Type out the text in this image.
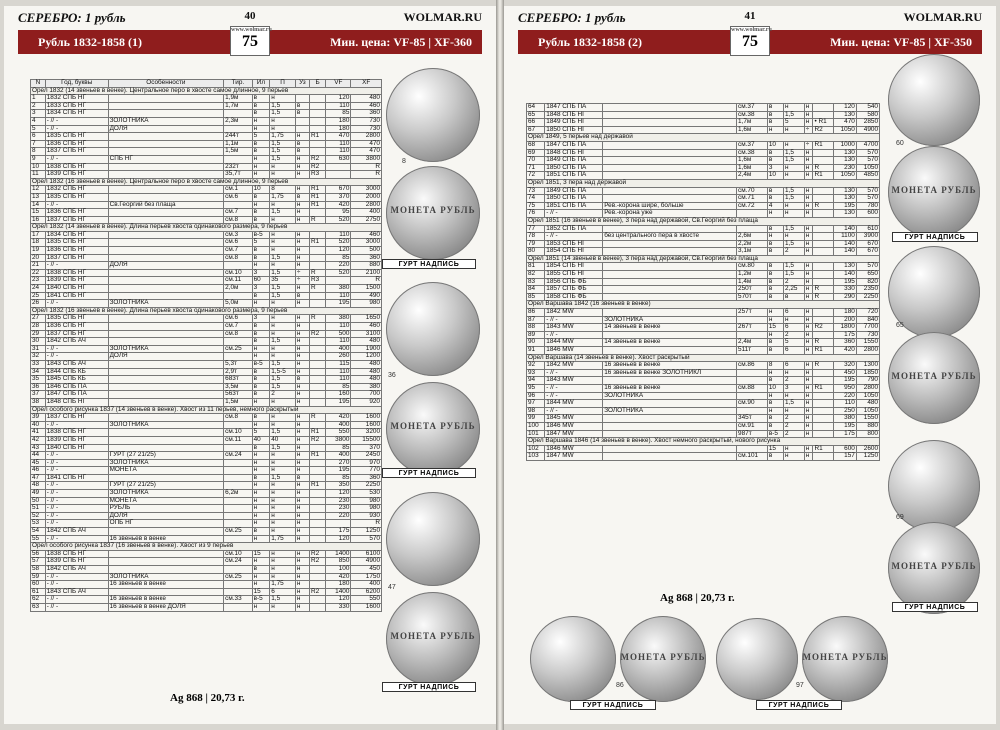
СЕРЕБРО: 1 рубль	40	WOLMAR.RU
Рубль 1832-1858 (1)
www.wolmar.ru
75	Мин. цена: VF-85 | XF-360
N	Год, буквы	Особенности	Тир.	Ил	П	Уз	Б	VF	XF
Орел 1832 (14 звеньев в венке). Центральное перо в хвосте самое длинное, 9 перьев									
1	1832 СПБ НГ		1,9м	в	н			120	480
2	1833 СПБ НГ		1,7м	в	1,5	в		110	460
3	1834 СПБ НГ			в	1,5	в		85	360
4	- // -	ЗОЛОТНИКА	2,3м	н	н			180	730
5	- // -	ДОЛЯ		н	н			180	730
6	1835 СПБ НГ		244т	5	1,75	н	R1	470	2800
7	1836 СПБ НГ		1,1м	в	1,5	в		110	470
8	1837 СПБ НГ		1,5м	в	1,5	в		110	470
9	- // -	СПБ НГ		н	1,5	н	R2	630	3800
10	1838 СПБ НГ		232т	н	н	н	R2		R
11	1839 СПБ НГ		35,7т	н	н	н	R3		R
Орел 1832 (16 звеньев в венке). Центральное перо в хвосте самое длинное, 9 перьев									
12	1832 СПБ НГ		см.1	10	8	н	R1	670	3000
13	1835 СПБ НГ		см.6	в	1,75	в	R1	370	2000
14	- // -	Св.Георгий без плаща		н	н	н	R1	420	2800
15	1836 СПБ НГ		см.7	в	1,5	н		95	400
16	1837 СПБ НГ		см.8	в	н	н	R	520	2750
Орел 1832 (14 звеньев в венке). Длина перьев хвоста одинакового размера, 9 перьев									
17	1834 СПБ НГ		см.3	в-5	н	н		110	460
18	1835 СПБ НГ		см.6	5	н	н	R1	520	3000
19	1836 СПБ НГ		см.7	в	н	н		120	500
20	1837 СПБ НГ		см.8	в	1,5	н		85	360
21	- // -	ДОЛЯ		н	н	н		220	880
22	1838 СПБ НГ		см.10	3	1,5	÷	R	520	2100
23	1839 СПБ НГ		см.11	60	35	÷	R3		R
24	1840 СПБ НГ		2,0м	3	1,5	н	R	380	1500
25	1841 СПБ НГ			в	1,5	в		110	490
26	- // -	ЗОЛОТНИКА	5,0м	н	н	н		195	980
Орел 1832 (16 звеньев в венке). Длина перьев хвоста одинакового размера, 9 перьев									
27	1835 СПБ НГ		см.6	3	н	н	R	380	1650
28	1836 СПБ НГ		см.7	в	н	н		110	460
29	1837 СПБ НГ		см.8	в	н	н	R2	500	3100
30	1842 СПБ АЧ			в	1,5	н		110	480
31	- // -	ЗОЛОТНИКА	см.25	н	н	н		400	1900
32	- // -	ДОЛЯ		н	н	н		260	1200
33	1843 СПБ АЧ		5,3т	в-5	1,5	н		115	480
34	1844 СПБ КБ		2,9т	в	1,5-5	н		110	480
35	1845 СПБ КБ		683т	в	1,5	в		110	480
36	1846 СПБ ПА		3,5м	в	1,5	н		85	380
37	1847 СПБ ПА		563т	в	2	н		160	700
38	1848 СПБ НI		1,5м	н	н	н		195	920
Орел особого рисунка 1837 (14 звеньев в венке). Хвост из 11 перьев, немного раскрытый									
39	1837 СПБ НГ		см.8	в	н	н	R	420	1600
40	- // -	ЗОЛОТНИКА		н	н	н		400	1600
41	1838 СПБ НГ		см.10	5	1,5	н	R1	550	3200
42	1839 СПБ НГ		см.11	40	40	н	R2	3800	15500
43	1840 СПБ НГ			в	1,5	н		85	370
44	- // -	ГУРТ (27 21/25)	см.24	н	н	н	R1	400	2450
45	- // -	ЗОЛОТНИКА		н	н	н		270	970
46	- // -	МОНЕТА		н	н	н		195	770
47	1841 СПБ НГ			в	1,5	в		85	360
48	- // -	ГУРТ (27 21/25)		н	н	н	R1	350	2250
49	- // -	ЗОЛОТНИКА	6,2м	н	н	н		120	530
50	- // -	МОНЕТА		н	н	н		230	980
51	- // -	РУБЛЬ		н	н	н		230	980
52	- // -	ДОЛЯ		н	н	н		220	930
53	- // -	ОПБ НГ		н	н	н			R
54	1842 СПБ АЧ		см.25	в	н	н		175	1250
55	- // -	16 звеньев в венке		н	1,75	н		120	570
Орел особого рисунка 1837 (16 звеньев в венке). Хвост из 9 перьев									
56	1838 СПБ НГ		см.10	15	н	н	R2	1400	6100
57	1839 СПБ НГ		см.24	н	н	н	R2	850	4900
58	1842 СПБ АЧ			в	н	н		100	450
59	- // -	ЗОЛОТНИКА	см.25	н	н	н		420	1750
60	- // -	16 звеньев в венке		н	1,75	н		180	400
61	1843 СПБ АЧ			15	6	н	R2	1400	6200
62	- // -	16 звеньев в венке	см.33	в-5	1,5	н		120	550
63	- // -	16 звеньев в венке ДОЛЯ		н	н	н		330	1600
МОНЕТА РУБЛЬ
ГУРТ НАДПИСЬ
8
МОНЕТА РУБЛЬ
ГУРТ НАДПИСЬ
36
МОНЕТА РУБЛЬ
ГУРТ НАДПИСЬ
47
Ag 868 | 20,73 г.
СЕРЕБРО: 1 рубль	41	WOLMAR.RU
Рубль 1832-1858 (2)
www.wolmar.ru
75	Мин. цена: VF-85 | XF-350
64	1847 СПБ ПА		см.37	в	н	н		120	540
65	1848 СПБ НI		см.38	в	1,5	н		130	580
66	1849 СПБ НI		1,7м	в	5	н	• R1	470	2850
67	1850 СПБ НI		1,6м	н	н	÷	R2	1050	4900
Орел 1849, 5 перьев над державой									
68	1847 СПБ ПА		см.37	10	н	÷	R1	1000	4700
69	1848 СПБ НI		см.38	в	1,5	н		130	570
70	1849 СПБ ПА		1,6м	в	1,5	н		130	570
71	1850 СПБ ПА		1,6м	3	н	н	R	230	1050
72	1851 СПБ ПА		2,4м	10	н	н	R1	1050	4850
Орел 1851, 3 пера над державой									
73	1849 СПБ ПА		см.70	в	1,5	н		130	570
74	1850 СПБ ПА		см.71	в	1,5	н		130	570
75	1851 СПБ ПА	Рев.-корона шире, больше	см.72	4	н	н	R	195	780
76	- // -	Рев.-корона уже		н	н	н		130	600
Орел 1851 (16 звеньев в венке), 3 пера над державой, Св.Георгий без плаща									
77	1852 СПБ ПА			в	1,5	н		140	610
78	- // -	без центрального пера в хвосте	2,6м	н	н	н		1100	3900
79	1853 СПБ НI		2,2м	в	1,5	н		140	670
80	1854 СПБ НI		3,1м	в	2	н		140	670
Орел 1851 (14 звеньев в венке), 3 пера над державой, Св.Георгий без плаща									
81	1854 СПБ НI		см.80	в	1,5	н		130	570
82	1855 СПБ НI		1,2м	в	1,5	н		140	650
83	1856 СПБ ФБ		1,4м	в	2	н		195	820
84	1857 СПБ ФБ		250т	в	2,25	н	R	330	2350
85	1858 СПБ ФБ		570т	в	в	н	R	290	2250
Орел Варшава 1842 (16 звеньев в венке)									
86	1842 MW		257т	н	6	н		180	720
87	- // -	ЗОЛОТНИКА		н	н	н		200	840
88	1843 MW	14 звеньев в венке	267т	15	6	н	R2	1800	7700
89	- // -			н	2	н		175	730
90	1844 MW	14 звеньев в венке	2,4м	в	5	н	R	360	1550
91	1846 MW		511т	в	6	н	R1	420	2800
Орел Варшава (14 звеньев в венке). Хвост раскрытый									
92	1842 MW	16 звеньев в венке	см.86	8	6	н	R	320	1300
93	- // -	16 звеньев в венке ЗОЛОТНИКЛ		н	н	н		450	1850
94	1843 MW			в	2	н		195	790
95	- // -	16 звеньев в венке	см.88	10	3	н	R1	950	2800
96	- // -	ЗОЛОТНИКА		н	н	н		220	1050
97	1844 MW		см.90	в	1,5	н		110	480
98	- // -	ЗОЛОТНИКА		н	н	н		250	1050
99	1845 MW		345т	в	2	н		380	1550
100	1846 MW		см.91	в	2	н		195	880
101	1847 MW		987т	в-5	2	н		175	800
Орел Варшава 1846 (14 звеньев в венке). Хвост немного раскрытый, нового рисунка									
102	1846 MW			15	н	н	R1	600	2600
103	1847 MW		см.101	в	н	н		157	1250
МОНЕТА РУБЛЬ
60
ГУРТ НАДПИСЬ
МОНЕТА РУБЛЬ
65
МОНЕТА РУБЛЬ
69
ГУРТ НАДПИСЬ
Ag 868 | 20,73 г.
МОНЕТА РУБЛЬ
ГУРТ НАДПИСЬ
86
МОНЕТА РУБЛЬ
ГУРТ НАДПИСЬ
97
